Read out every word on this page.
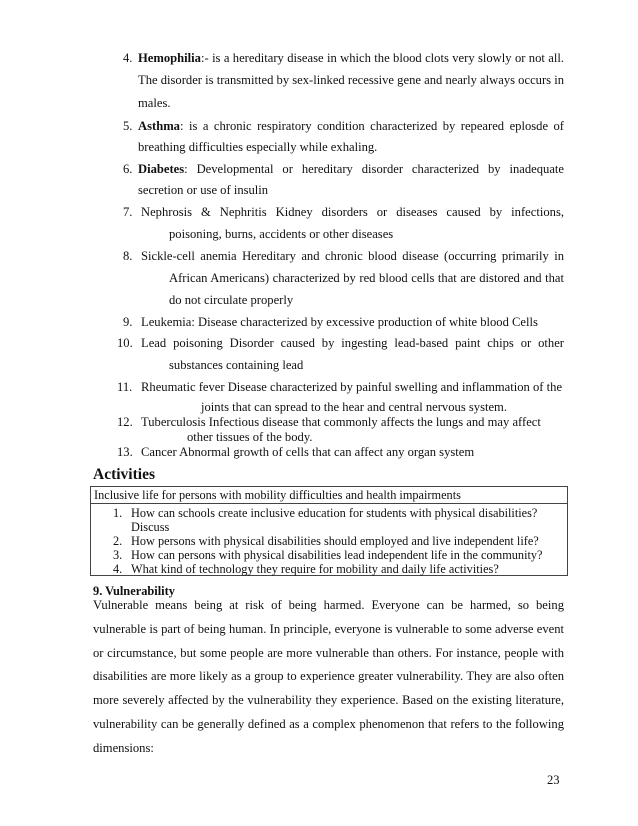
4. Hemophilia:- is a hereditary disease in which the blood clots very slowly or not all.
The disorder is transmitted by sex-linked recessive gene and nearly always occurs in
males.
5. Asthma: is a chronic respiratory condition characterized by repeared eplosde of
breathing difficulties especially while exhaling.
6. Diabetes: Developmental or hereditary disorder characterized by inadequate
secretion or use of insulin
7. Nephrosis & Nephritis Kidney disorders or diseases caused by infections,
poisoning, burns, accidents or other diseases
8. Sickle-cell anemia Hereditary and chronic blood disease (occurring primarily in
African Americans) characterized by red blood cells that are distored and that
do not circulate properly
9. Leukemia: Disease characterized by excessive production of white blood Cells
10. Lead poisoning Disorder caused by ingesting lead-based paint chips or other
substances containing lead
11. Rheumatic fever Disease characterized by painful swelling and inflammation of the
joints that can spread to the hear and central nervous system.
12. Tuberculosis Infectious disease that commonly affects the lungs and may affect
other tissues of the body.
13. Cancer Abnormal growth of cells that can affect any organ system
Activities
Inclusive life for persons with mobility difficulties and health impairments
1. How can schools create inclusive education for students with physical disabilities?
Discuss
2. How persons with physical disabilities should employed and live independent life?
3. How can persons with physical disabilities lead independent life in the community?
4. What kind of technology they require for mobility and daily life activities?
9. Vulnerability
Vulnerable means being at risk of being harmed. Everyone can be harmed, so being
vulnerable is part of being human. In principle, everyone is vulnerable to some adverse event
or circumstance, but some people are more vulnerable than others. For instance, people with
disabilities are more likely as a group to experience greater vulnerability. They are also often
more severely affected by the vulnerability they experience. Based on the existing literature,
vulnerability can be generally defined as a complex phenomenon that refers to the following
dimensions:
23
